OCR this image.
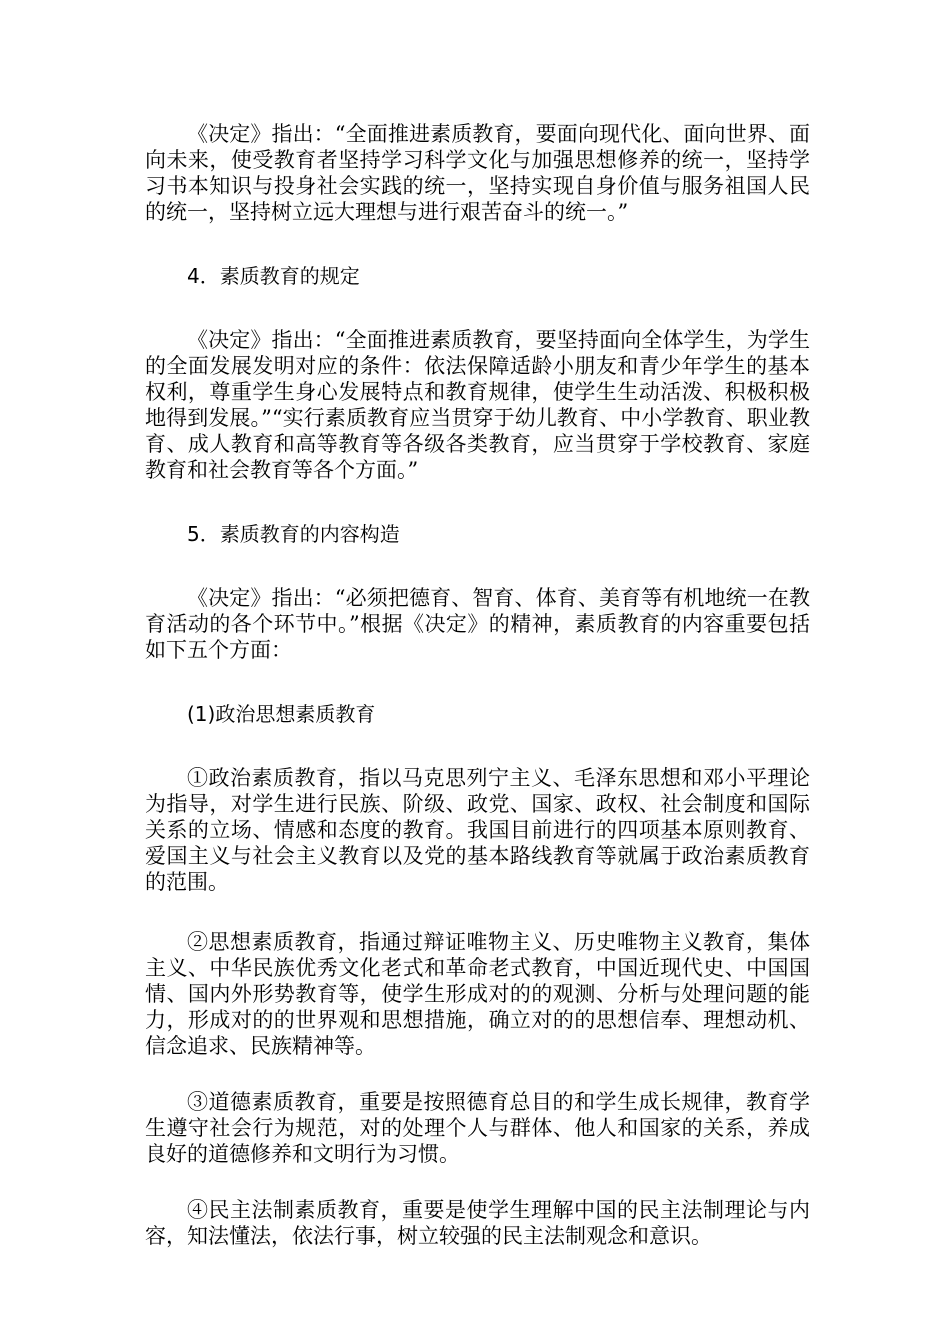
《决定》指出：“全面推进素质教育，要面向现代化、面向世界、面向未来，使受教育者坚持学习科学文化与加强思想修养的统一，坚持学习书本知识与投身社会实践的统一，坚持实现自身价值与服务祖国人民的统一，坚持树立远大理想与进行艰苦奋斗的统一。”

4．素质教育的规定

《决定》指出：“全面推进素质教育，要坚持面向全体学生，为学生的全面发展发明对应的条件：依法保障适龄小朋友和青少年学生的基本权利，尊重学生身心发展特点和教育规律，使学生生动活泼、积极积极地得到发展。”“实行素质教育应当贯穿于幼儿教育、中小学教育、职业教育、成人教育和高等教育等各级各类教育，应当贯穿于学校教育、家庭教育和社会教育等各个方面。”

5．素质教育的内容构造

《决定》指出：“必须把德育、智育、体育、美育等有机地统一在教育活动的各个环节中。”根据《决定》的精神，素质教育的内容重要包括如下五个方面：

(1)政治思想素质教育

①政治素质教育，指以马克思列宁主义、毛泽东思想和邓小平理论为指导，对学生进行民族、阶级、政党、国家、政权、社会制度和国际关系的立场、情感和态度的教育。我国目前进行的四项基本原则教育、爱国主义与社会主义教育以及党的基本路线教育等就属于政治素质教育的范围。

②思想素质教育，指通过辩证唯物主义、历史唯物主义教育，集体主义、中华民族优秀文化老式和革命老式教育，中国近现代史、中国国情、国内外形势教育等，使学生形成对的的观测、分析与处理问题的能力，形成对的的世界观和思想措施，确立对的的思想信奉、理想动机、信念追求、民族精神等。

③道德素质教育，重要是按照德育总目的和学生成长规律，教育学生遵守社会行为规范，对的处理个人与群体、他人和国家的关系，养成良好的道德修养和文明行为习惯。

④民主法制素质教育，重要是使学生理解中国的民主法制理论与内容，知法懂法，依法行事，树立较强的民主法制观念和意识。
